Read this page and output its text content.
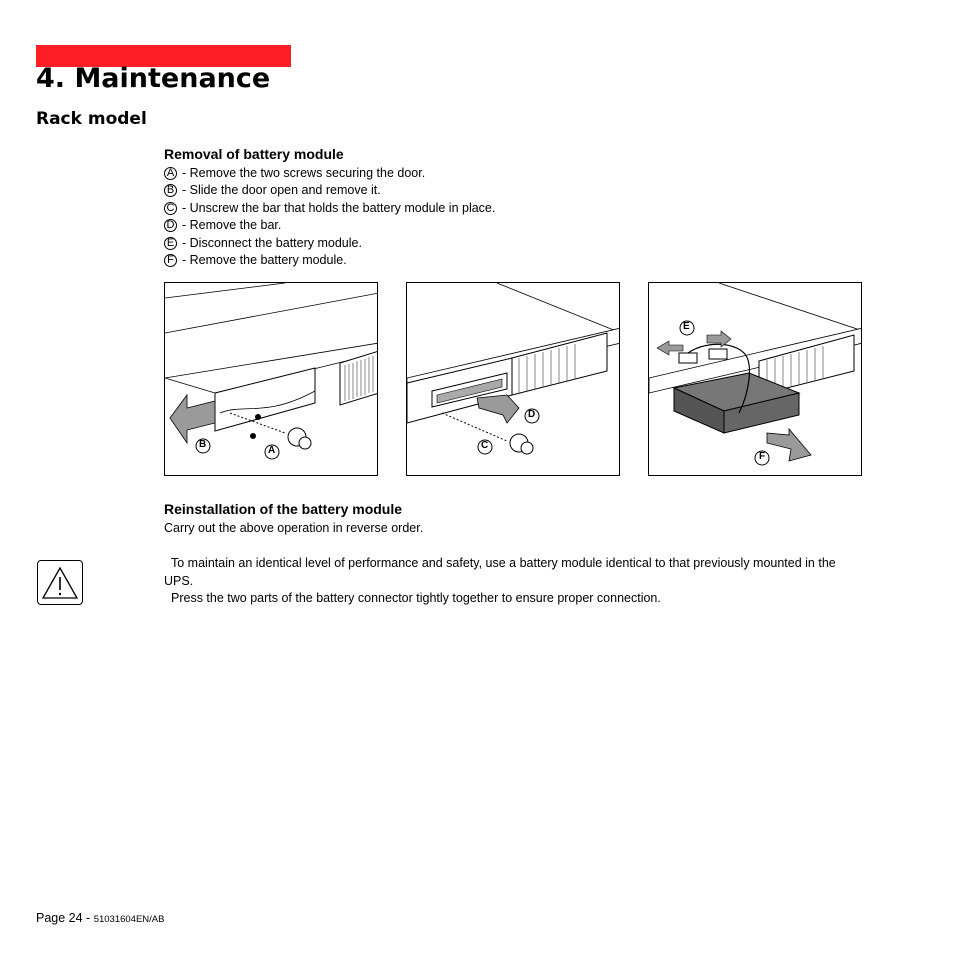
4. Maintenance
Rack model
Removal of battery module
A - Remove the two screws securing the door.
B - Slide the door open and remove it.
C - Unscrew the bar that holds the battery module in place.
D - Remove the bar.
E - Disconnect the battery module.
F - Remove the battery module.
B
A	C
D
E
F
Reinstallation of the battery module
Carry out the above operation in reverse order.
To maintain an identical level of performance and safety, use a battery module identical to that previously mounted in the
UPS.
Press the two parts of the battery connector tightly together to ensure proper connection.
Page 24 - 51031604EN/AB
